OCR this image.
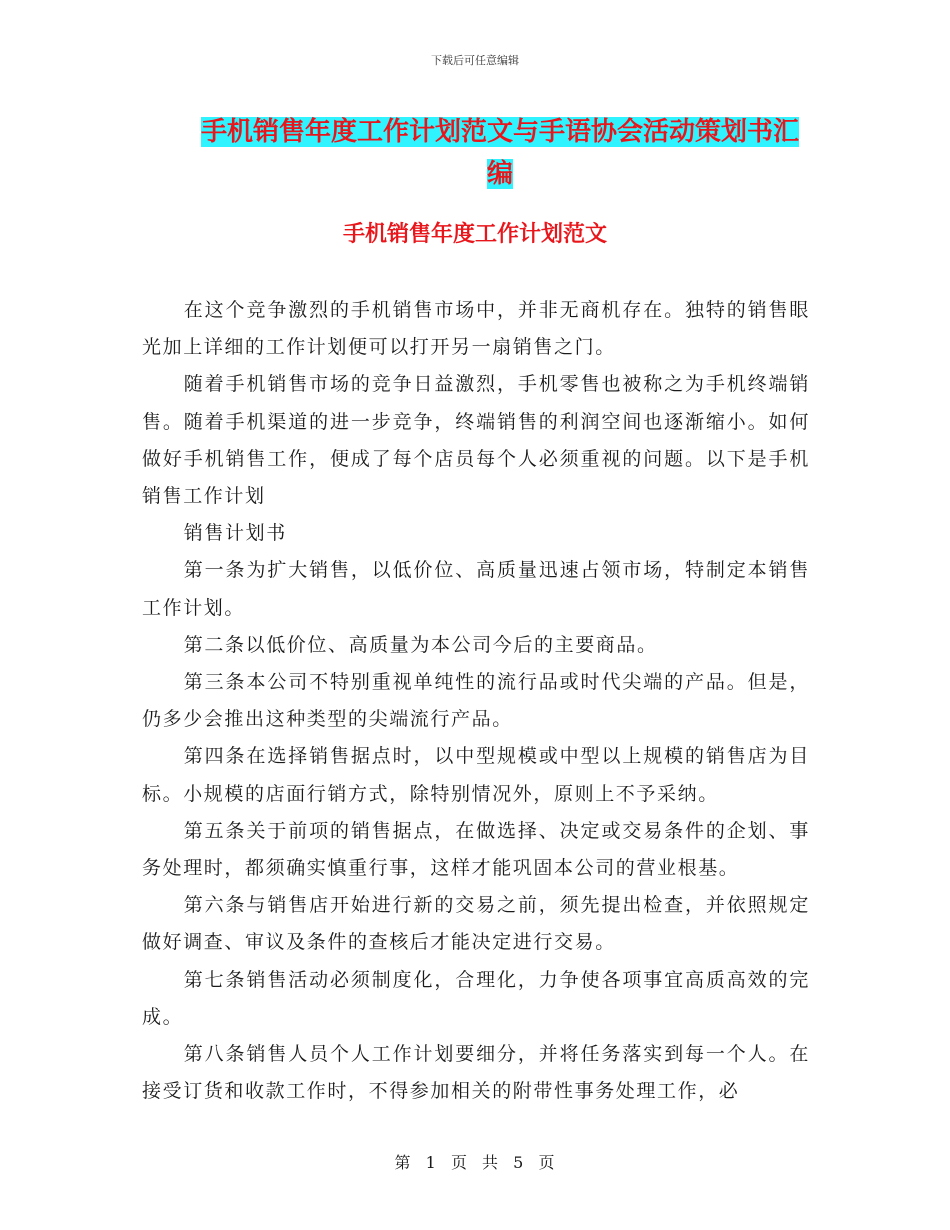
下载后可任意编辑
手机销售年度工作计划范文与手语协会活动策划书汇
编
手机销售年度工作计划范文

在这个竞争激烈的手机销售市场中，并非无商机存在。独特的销售眼光加上详细的工作计划便可以打开另一扇销售之门。

随着手机销售市场的竞争日益激烈，手机零售也被称之为手机终端销售。随着手机渠道的进一步竞争，终端销售的利润空间也逐渐缩小。如何做好手机销售工作，便成了每个店员每个人必须重视的问题。以下是手机销售工作计划

销售计划书

第一条为扩大销售，以低价位、高质量迅速占领市场，特制定本销售工作计划。

第二条以低价位、高质量为本公司今后的主要商品。

第三条本公司不特别重视单纯性的流行品或时代尖端的产品。但是，仍多少会推出这种类型的尖端流行产品。

第四条在选择销售据点时，以中型规模或中型以上规模的销售店为目标。小规模的店面行销方式，除特别情况外，原则上不予采纳。

第五条关于前项的销售据点，在做选择、决定或交易条件的企划、事务处理时，都须确实慎重行事，这样才能巩固本公司的营业根基。

第六条与销售店开始进行新的交易之前，须先提出检查，并依照规定做好调查、审议及条件的查核后才能决定进行交易。

第七条销售活动必须制度化，合理化，力争使各项事宜高质高效的完成。

第八条销售人员个人工作计划要细分，并将任务落实到每一个人。在接受订货和收款工作时，不得参加相关的附带性事务处理工作，必

第 1 页 共 5 页
